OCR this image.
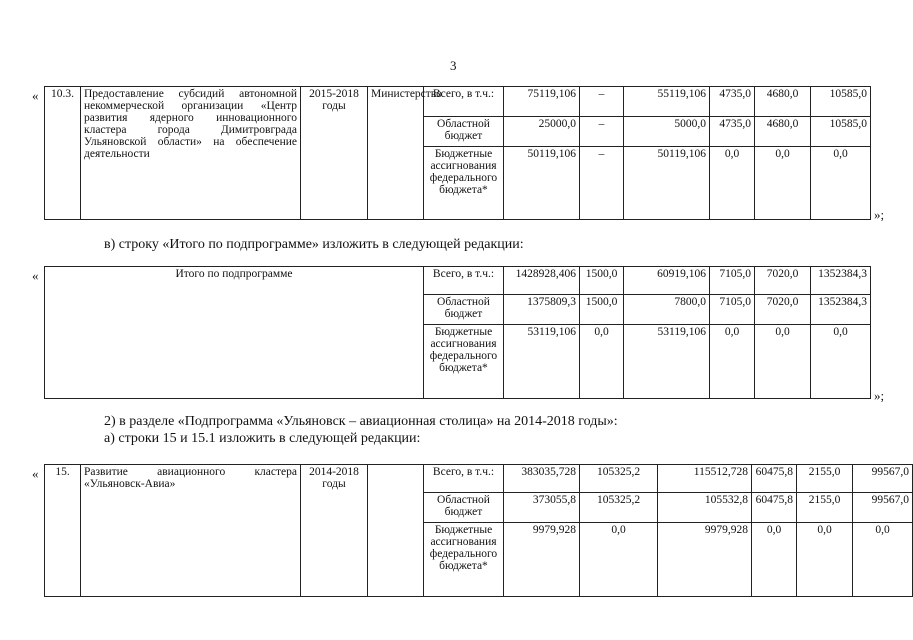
3
« 10.3.	Предоставление субсидий автономной некоммерческой организации «Центр развития ядерного инновационного кластера города Димитровграда Ульяновской области» на обеспечение деятельности	2015-2018 годы	Министерство	Всего, в т.ч.:	75119,106	–	55119,106	4735,0	4680,0	10585,0
				Областной бюджет	25000,0	–	5000,0	4735,0	4680,0	10585,0
				Бюджетные ассигнования федерального бюджета*	50119,106	–	50119,106	0,0	0,0	0,0
»;
в) строку «Итого по подпрограмме» изложить в следующей редакции:
«	Итого по подпрограмме	Всего, в т.ч.:	1428928,406	1500,0	60919,106	7105,0	7020,0	1352384,3
	Областной бюджет	1375809,3	1500,0	7800,0	7105,0	7020,0	1352384,3
	Бюджетные ассигнования федерального бюджета*	53119,106	0,0	53119,106	0,0	0,0	0,0
»;
2) в разделе «Подпрограмма «Ульяновск – авиационная столица» на 2014-2018 годы»:
а) строки 15 и 15.1 изложить в следующей редакции:
« 15.	Развитие авиационного кластера «Ульяновск-Авиа»	2014-2018 годы		Всего, в т.ч.:	383035,728	105325,2	115512,728	60475,8	2155,0	99567,0
				Областной бюджет	373055,8	105325,2	105532,8	60475,8	2155,0	99567,0
				Бюджетные ассигнования федерального бюджета*	9979,928	0,0	9979,928	0,0	0,0	0,0
